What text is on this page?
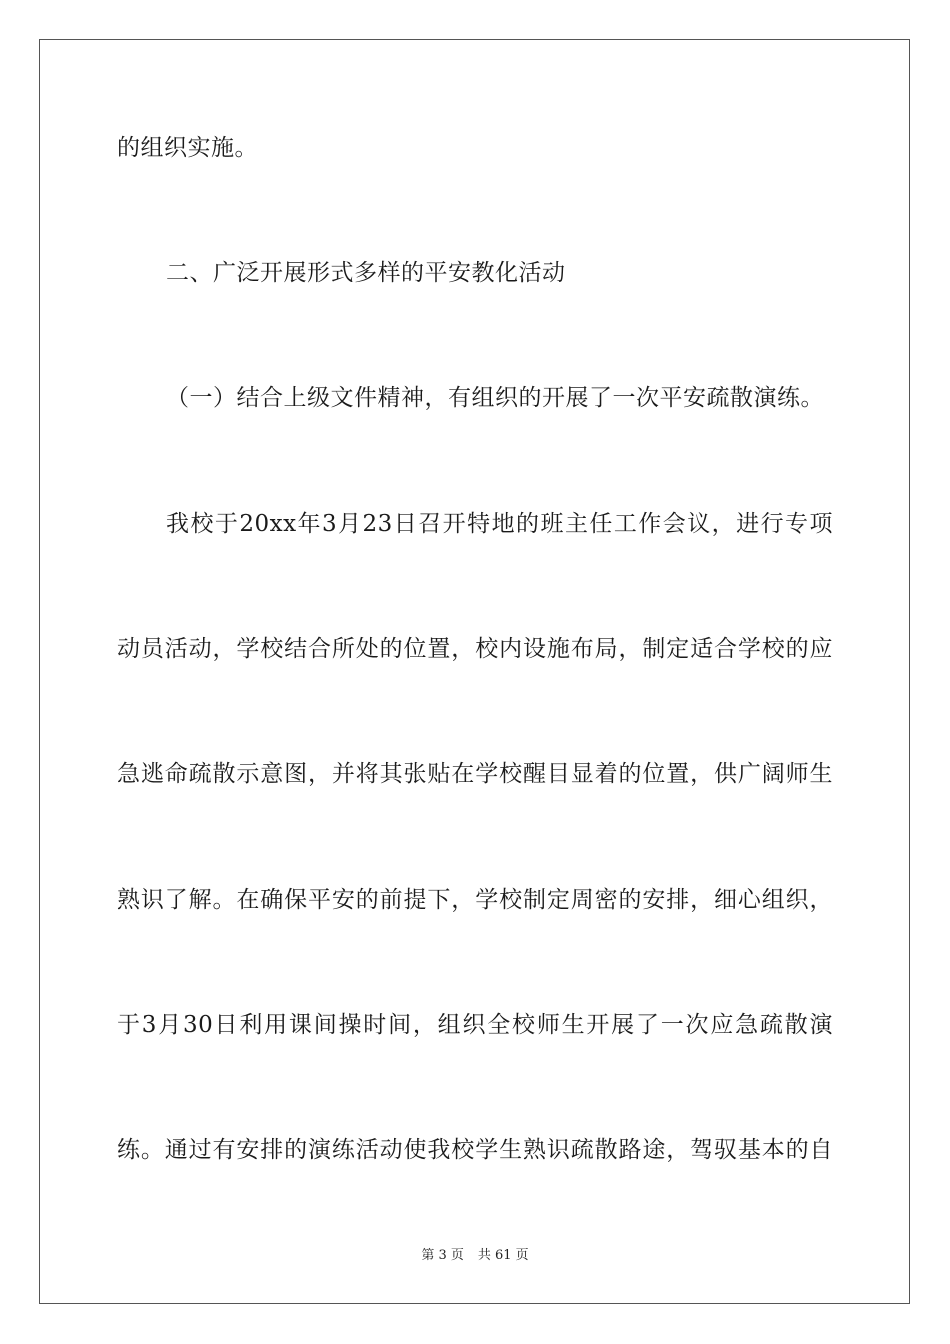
的组织实施。
二、广泛开展形式多样的平安教化活动
（一）结合上级文件精神，有组织的开展了一次平安疏散演练。
我校于20xx年3月23日召开特地的班主任工作会议，进行专项
动员活动，学校结合所处的位置，校内设施布局，制定适合学校的应
急逃命疏散示意图，并将其张贴在学校醒目显着的位置，供广阔师生
熟识了解。在确保平安的前提下，学校制定周密的安排，细心组织，
于3月30日利用课间操时间，组织全校师生开展了一次应急疏散演
练。通过有安排的演练活动使我校学生熟识疏散路途，驾驭基本的自
第 3 页 共 61 页
